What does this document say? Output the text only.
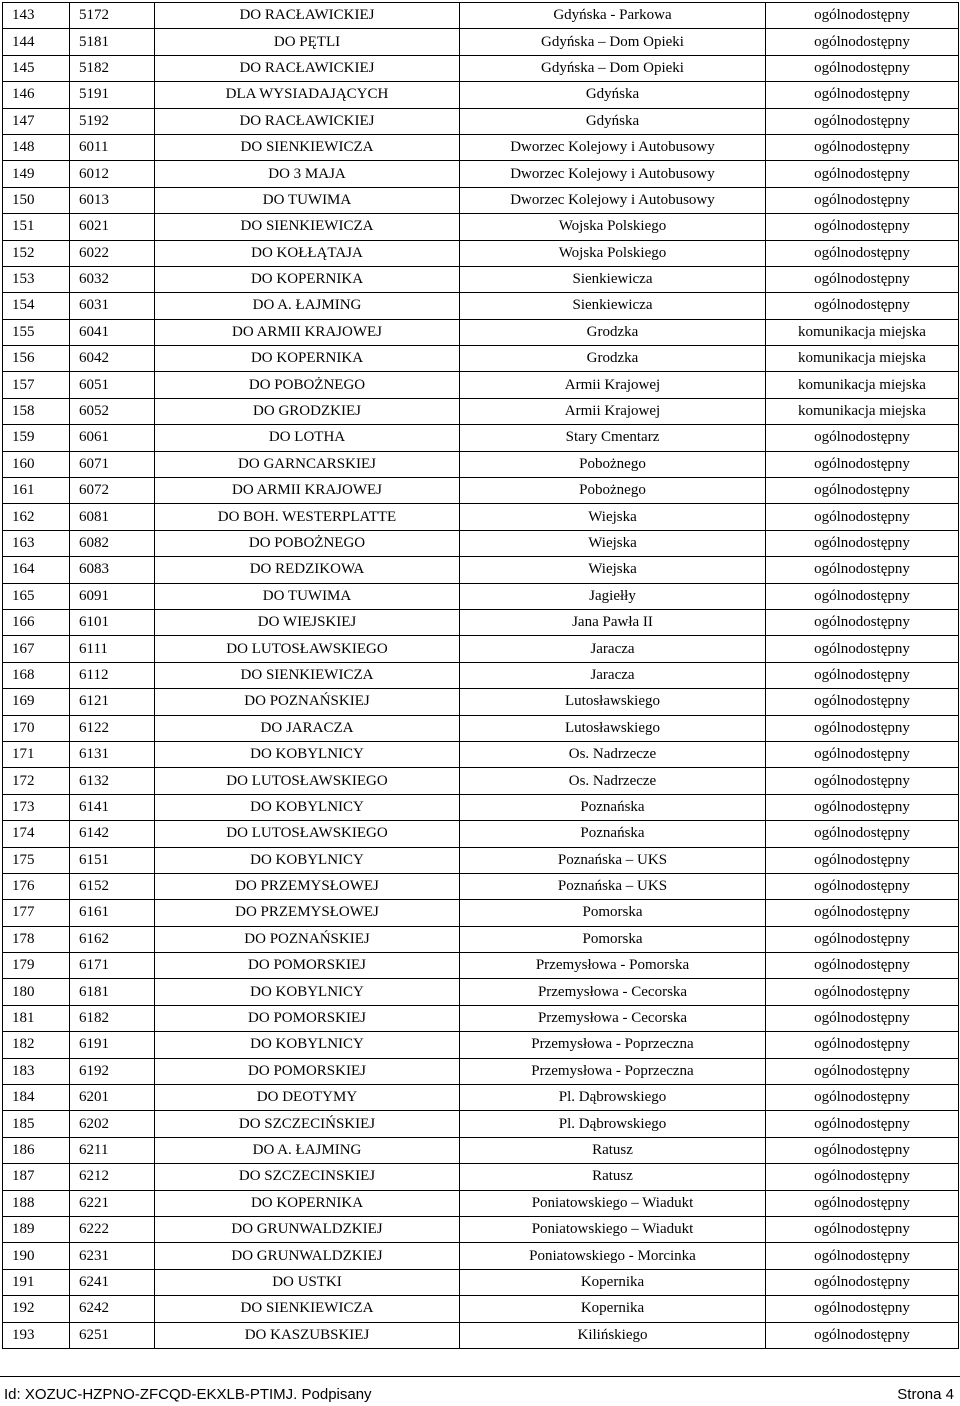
143	5172	DO RACŁAWICKIEJ	Gdyńska - Parkowa	ogólnodostępny
144	5181	DO PĘTLI	Gdyńska – Dom Opieki	ogólnodostępny
145	5182	DO RACŁAWICKIEJ	Gdyńska – Dom Opieki	ogólnodostępny
146	5191	DLA WYSIADAJĄCYCH	Gdyńska	ogólnodostępny
147	5192	DO RACŁAWICKIEJ	Gdyńska	ogólnodostępny
148	6011	DO SIENKIEWICZA	Dworzec Kolejowy i Autobusowy	ogólnodostępny
149	6012	DO 3 MAJA	Dworzec Kolejowy i Autobusowy	ogólnodostępny
150	6013	DO TUWIMA	Dworzec Kolejowy i Autobusowy	ogólnodostępny
151	6021	DO SIENKIEWICZA	Wojska Polskiego	ogólnodostępny
152	6022	DO KOŁŁĄTAJA	Wojska Polskiego	ogólnodostępny
153	6032	DO KOPERNIKA	Sienkiewicza	ogólnodostępny
154	6031	DO A. ŁAJMING	Sienkiewicza	ogólnodostępny
155	6041	DO ARMII KRAJOWEJ	Grodzka	komunikacja miejska
156	6042	DO KOPERNIKA	Grodzka	komunikacja miejska
157	6051	DO POBOŻNEGO	Armii Krajowej	komunikacja miejska
158	6052	DO GRODZKIEJ	Armii Krajowej	komunikacja miejska
159	6061	DO LOTHA	Stary Cmentarz	ogólnodostępny
160	6071	DO GARNCARSKIEJ	Pobożnego	ogólnodostępny
161	6072	DO ARMII KRAJOWEJ	Pobożnego	ogólnodostępny
162	6081	DO BOH. WESTERPLATTE	Wiejska	ogólnodostępny
163	6082	DO POBOŻNEGO	Wiejska	ogólnodostępny
164	6083	DO REDZIKOWA	Wiejska	ogólnodostępny
165	6091	DO TUWIMA	Jagiełły	ogólnodostępny
166	6101	DO WIEJSKIEJ	Jana Pawła II	ogólnodostępny
167	6111	DO LUTOSŁAWSKIEGO	Jaracza	ogólnodostępny
168	6112	DO SIENKIEWICZA	Jaracza	ogólnodostępny
169	6121	DO POZNAŃSKIEJ	Lutosławskiego	ogólnodostępny
170	6122	DO JARACZA	Lutosławskiego	ogólnodostępny
171	6131	DO KOBYLNICY	Os. Nadrzecze	ogólnodostępny
172	6132	DO LUTOSŁAWSKIEGO	Os. Nadrzecze	ogólnodostępny
173	6141	DO KOBYLNICY	Poznańska	ogólnodostępny
174	6142	DO LUTOSŁAWSKIEGO	Poznańska	ogólnodostępny
175	6151	DO KOBYLNICY	Poznańska – UKS	ogólnodostępny
176	6152	DO PRZEMYSŁOWEJ	Poznańska – UKS	ogólnodostępny
177	6161	DO PRZEMYSŁOWEJ	Pomorska	ogólnodostępny
178	6162	DO POZNAŃSKIEJ	Pomorska	ogólnodostępny
179	6171	DO POMORSKIEJ	Przemysłowa - Pomorska	ogólnodostępny
180	6181	DO KOBYLNICY	Przemysłowa - Cecorska	ogólnodostępny
181	6182	DO POMORSKIEJ	Przemysłowa - Cecorska	ogólnodostępny
182	6191	DO KOBYLNICY	Przemysłowa - Poprzeczna	ogólnodostępny
183	6192	DO POMORSKIEJ	Przemysłowa - Poprzeczna	ogólnodostępny
184	6201	DO DEOTYMY	Pl. Dąbrowskiego	ogólnodostępny
185	6202	DO SZCZECIŃSKIEJ	Pl. Dąbrowskiego	ogólnodostępny
186	6211	DO A. ŁAJMING	Ratusz	ogólnodostępny
187	6212	DO SZCZECINSKIEJ	Ratusz	ogólnodostępny
188	6221	DO KOPERNIKA	Poniatowskiego – Wiadukt	ogólnodostępny
189	6222	DO GRUNWALDZKIEJ	Poniatowskiego – Wiadukt	ogólnodostępny
190	6231	DO GRUNWALDZKIEJ	Poniatowskiego - Morcinka	ogólnodostępny
191	6241	DO USTKI	Kopernika	ogólnodostępny
192	6242	DO SIENKIEWICZA	Kopernika	ogólnodostępny
193	6251	DO KASZUBSKIEJ	Kilińskiego	ogólnodostępny
Id: XOZUC-HZPNO-ZFCQD-EKXLB-PTIMJ. Podpisany	Strona 4
